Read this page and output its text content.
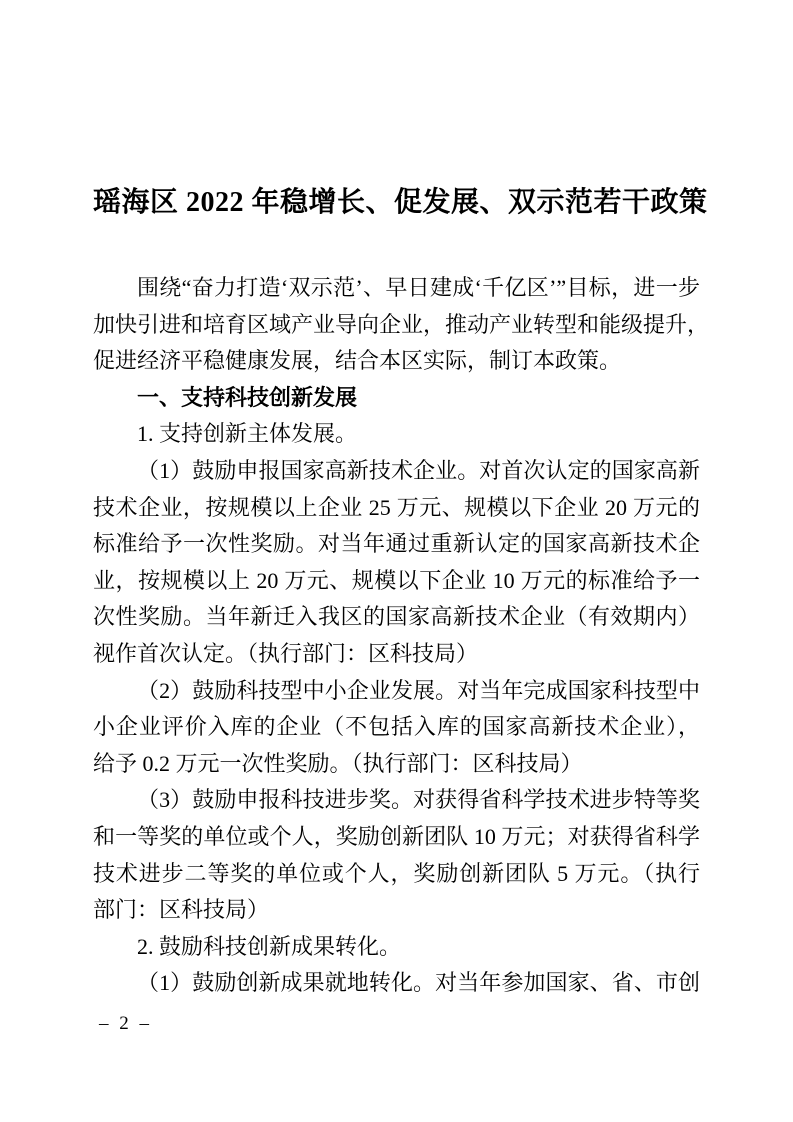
瑶海区 2022 年稳增长、促发展、双示范若干政策
围绕“奋力打造‘双示范’、早日建成‘千亿区’”目标，进一步
加快引进和培育区域产业导向企业，推动产业转型和能级提升，
促进经济平稳健康发展，结合本区实际，制订本政策。
一、支持科技创新发展
1. 支持创新主体发展。
（1）鼓励申报国家高新技术企业。对首次认定的国家高新
技术企业，按规模以上企业 25 万元、规模以下企业 20 万元的
标准给予一次性奖励。对当年通过重新认定的国家高新技术企
业，按规模以上 20 万元、规模以下企业 10 万元的标准给予一
次性奖励。当年新迁入我区的国家高新技术企业（有效期内）
视作首次认定。（执行部门：区科技局）
（2）鼓励科技型中小企业发展。对当年完成国家科技型中
小企业评价入库的企业（不包括入库的国家高新技术企业），
给予 0.2 万元一次性奖励。（执行部门：区科技局）
（3）鼓励申报科技进步奖。对获得省科学技术进步特等奖
和一等奖的单位或个人，奖励创新团队 10 万元；对获得省科学
技术进步二等奖的单位或个人，奖励创新团队 5 万元。（执行
部门：区科技局）
2. 鼓励科技创新成果转化。
（1）鼓励创新成果就地转化。对当年参加国家、省、市创
– 2 –
